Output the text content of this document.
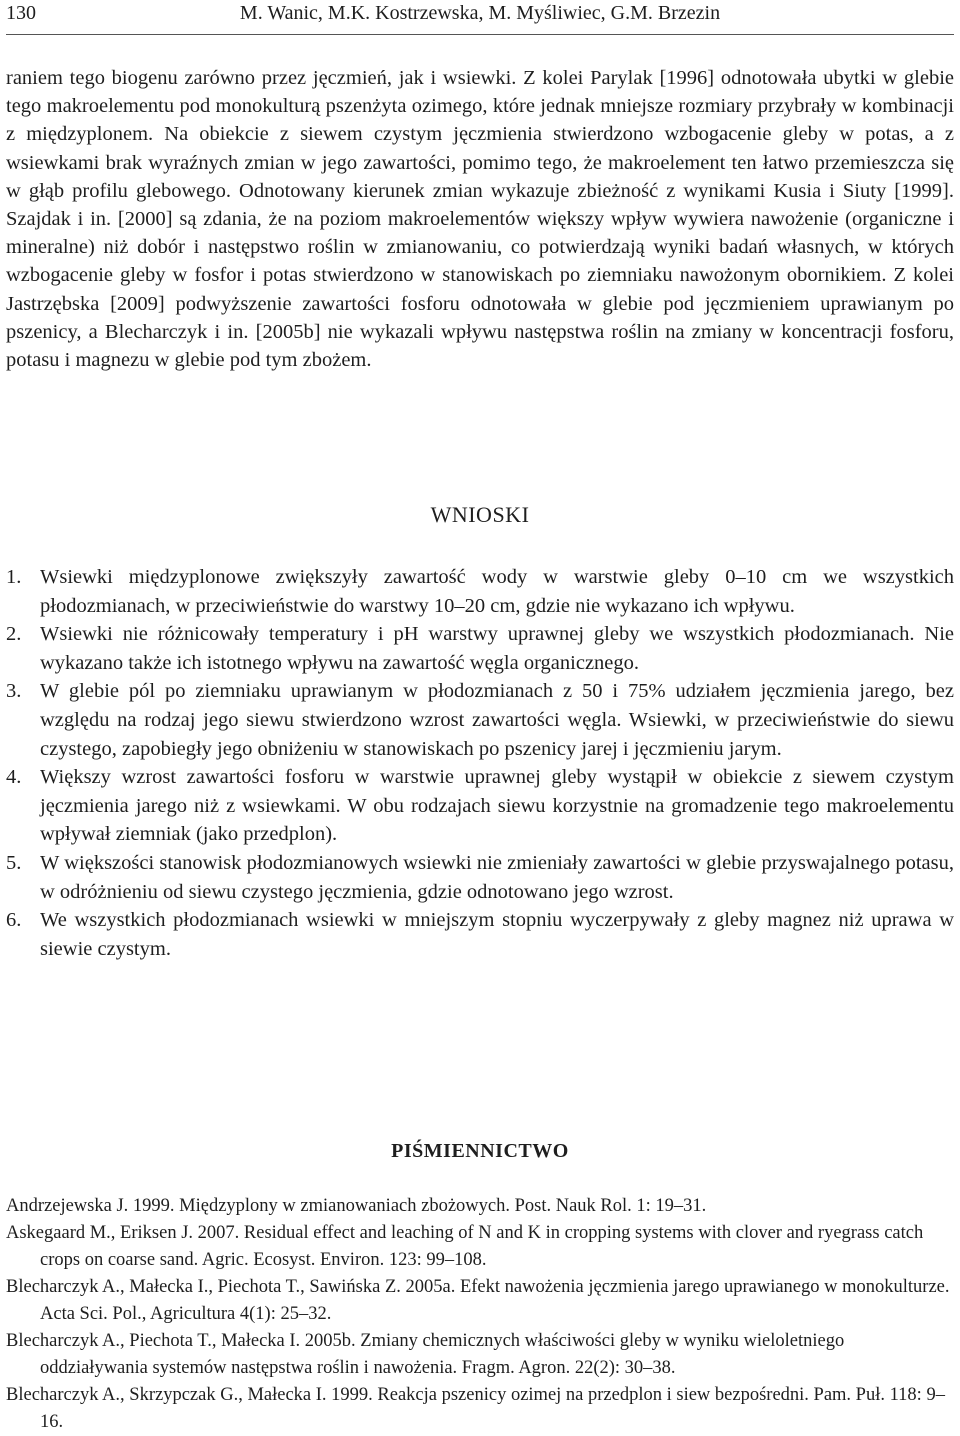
130	M. Wanic, M.K. Kostrzewska, M. Myśliwiec, G.M. Brzezin

raniem tego biogenu zarówno przez jęczmień, jak i wsiewki. Z kolei Parylak [1996] odnotowała ubytki w glebie tego makroelementu pod monokulturą pszenżyta ozimego, które jednak mniejsze rozmiary przybrały w kombinacji z międzyplonem. Na obiekcie z siewem czystym jęczmienia stwierdzono wzbogacenie gleby w potas, a z wsiewkami brak wyraźnych zmian w jego zawartości, pomimo tego, że makroelement ten łatwo przemieszcza się w głąb profilu glebowego. Odnotowany kierunek zmian wykazuje zbieżność z wynikami Kusia i Siuty [1999]. Szajdak i in. [2000] są zdania, że na poziom makroelementów większy wpływ wywiera nawożenie (organiczne i mineralne) niż dobór i następstwo roślin w zmianowaniu, co potwierdzają wyniki badań własnych, w których wzbogacenie gleby w fosfor i potas stwierdzono w stanowiskach po ziemniaku nawożonym obornikiem. Z kolei Jastrzębska [2009] podwyższenie zawartości fosforu odnotowała w glebie pod jęczmieniem uprawianym po pszenicy, a Blecharczyk i in. [2005b] nie wykazali wpływu następstwa roślin na zmiany w koncentracji fosforu, potasu i magnezu w glebie pod tym zbożem.

WNIOSKI
1. Wsiewki międzyplonowe zwiększyły zawartość wody w warstwie gleby 0–10 cm we wszystkich płodozmianach, w przeciwieństwie do warstwy 10–20 cm, gdzie nie wykazano ich wpływu.
2. Wsiewki nie różnicowały temperatury i pH warstwy uprawnej gleby we wszystkich płodozmianach. Nie wykazano także ich istotnego wpływu na zawartość węgla organicznego.
3. W glebie pól po ziemniaku uprawianym w płodozmianach z 50 i 75% udziałem jęczmienia jarego, bez względu na rodzaj jego siewu stwierdzono wzrost zawartości węgla. Wsiewki, w przeciwieństwie do siewu czystego, zapobiegły jego obniżeniu w stanowiskach po pszenicy jarej i jęczmieniu jarym.
4. Większy wzrost zawartości fosforu w warstwie uprawnej gleby wystąpił w obiekcie z siewem czystym jęczmienia jarego niż z wsiewkami. W obu rodzajach siewu korzystnie na gromadzenie tego makroelementu wpływał ziemniak (jako przedplon).
5. W większości stanowisk płodozmianowych wsiewki nie zmieniały zawartości w glebie przyswajalnego potasu, w odróżnieniu od siewu czystego jęczmienia, gdzie odnotowano jego wzrost.
6. We wszystkich płodozmianach wsiewki w mniejszym stopniu wyczerpywały z gleby magnez niż uprawa w siewie czystym.
PIŚMIENNICTWO

Andrzejewska J. 1999. Międzyplony w zmianowaniach zbożowych. Post. Nauk Rol. 1: 19–31.

Askegaard M., Eriksen J. 2007. Residual effect and leaching of N and K in cropping systems with clover and ryegrass catch crops on coarse sand. Agric. Ecosyst. Environ. 123: 99–108.

Blecharczyk A., Małecka I., Piechota T., Sawińska Z. 2005a. Efekt nawożenia jęczmienia jarego uprawianego w monokulturze. Acta Sci. Pol., Agricultura 4(1): 25–32.

Blecharczyk A., Piechota T., Małecka I. 2005b. Zmiany chemicznych właściwości gleby w wyniku wieloletniego oddziaływania systemów następstwa roślin i nawożenia. Fragm. Agron. 22(2): 30–38.

Blecharczyk A., Skrzypczak G., Małecka I. 1999. Reakcja pszenicy ozimej na przedplon i siew bezpośredni. Pam. Puł. 118: 9–16.
